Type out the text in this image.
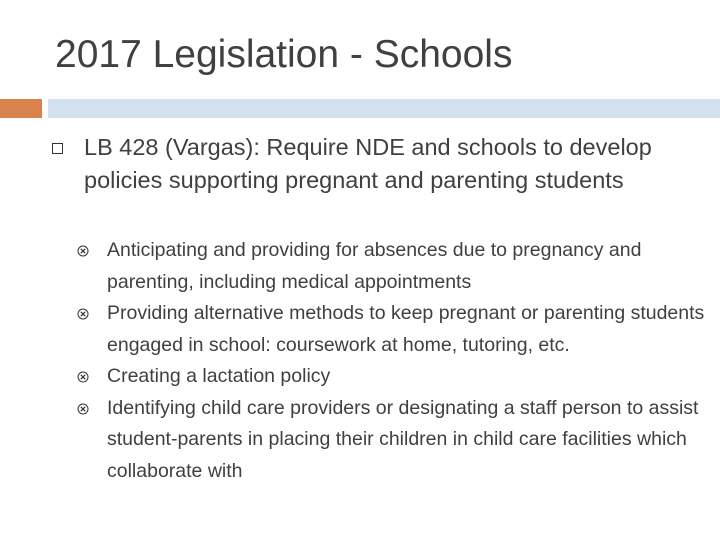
2017 Legislation - Schools
LB 428 (Vargas): Require NDE and schools to develop policies supporting pregnant and parenting students
Anticipating and providing for absences due to pregnancy and parenting, including medical appointments
Providing alternative methods to keep pregnant or parenting students engaged in school: coursework at home, tutoring, etc.
Creating a lactation policy
Identifying child care providers or designating a staff person to assist student-parents in placing their children in child care facilities which collaborate with
